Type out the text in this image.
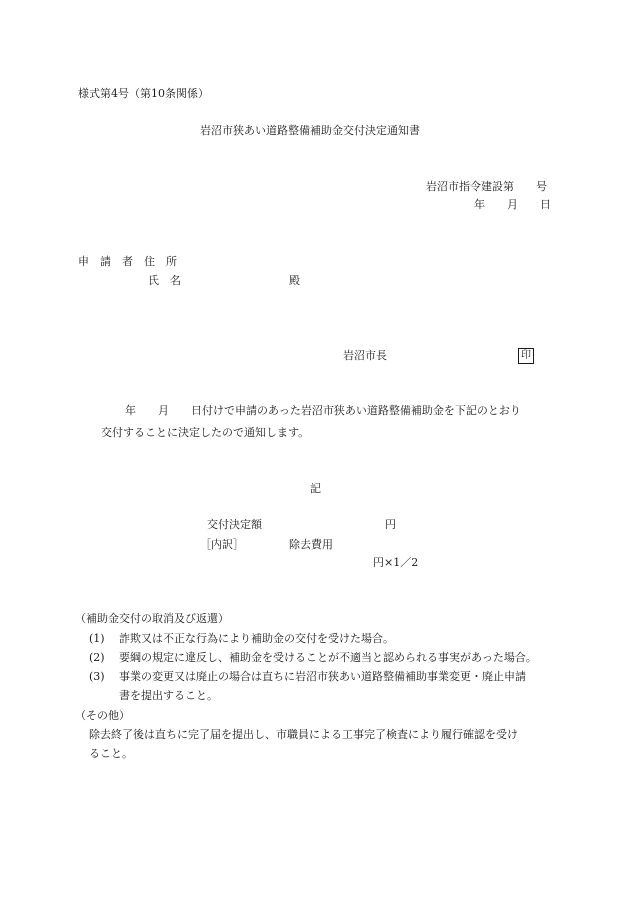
様式第4号（第10条関係）
岩沼市狭あい道路整備補助金交付決定通知書
岩沼市指令建設第　　号
年　　月　　日
申　請　者　住　所
氏　名	殿
岩沼市長	印
年　　月　　日付けで申請のあった岩沼市狭あい道路整備補助金を下記のとおり
交付することに決定したので通知します。
記
交付決定額	円
［内訳］	除去費用
円×1／2
（補助金交付の取消及び返還）
(1) 詐欺又は不正な行為により補助金の交付を受けた場合。
(2) 要綱の規定に違反し、補助金を受けることが不適当と認められる事実があった場合。
(3) 事業の変更又は廃止の場合は直ちに岩沼市狭あい道路整備補助事業変更・廃止申請
書を提出すること。
（その他）
除去終了後は直ちに完了届を提出し、市職員による工事完了検査により履行確認を受け
ること。
